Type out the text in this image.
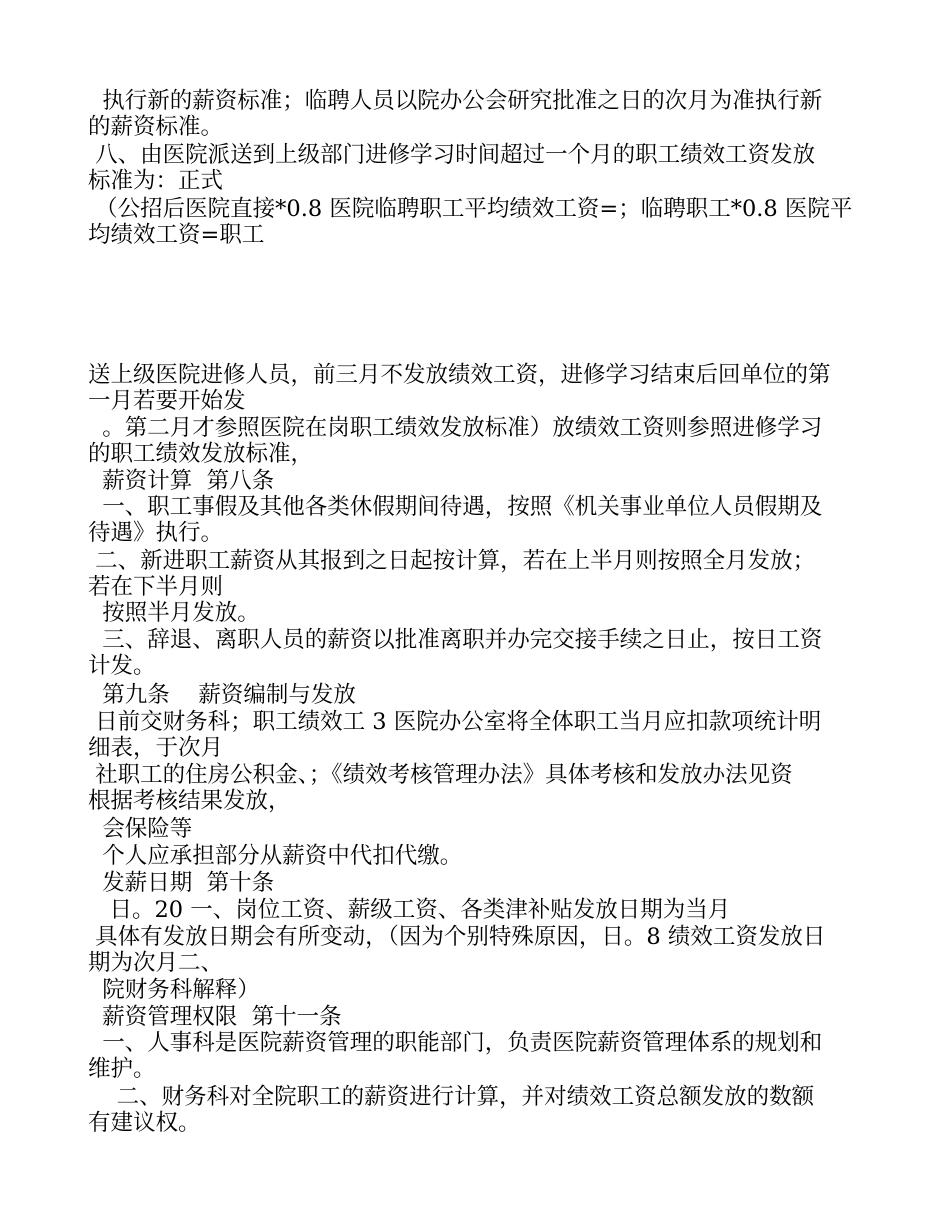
执行新的薪资标准；临聘人员以院办公会研究批准之日的次月为准执行新
的薪资标准。

八、由医院派送到上级部门进修学习时间超过一个月的职工绩效工资发放
标准为：正式

（公招后医院直接*0.8 医院临聘职工平均绩效工资=；临聘职工*0.8 医院平
均绩效工资=职工

送上级医院进修人员，前三月不发放绩效工资，进修学习结束后回单位的第
一月若要开始发

。第二月才参照医院在岗职工绩效发放标准）放绩效工资则参照进修学习
的职工绩效发放标准，

薪资计算  第八条

一、职工事假及其他各类休假期间待遇，按照《机关事业单位人员假期及
待遇》执行。

二、新进职工薪资从其报到之日起按计算，若在上半月则按照全月发放；
若在下半月则

按照半月发放。

三、辞退、离职人员的薪资以批准离职并办完交接手续之日止，按日工资
计发。

第九条    薪资编制与发放

日前交财务科；职工绩效工 3 医院办公室将全体职工当月应扣款项统计明
细表，于次月

社职工的住房公积金、；《绩效考核管理办法》具体考核和发放办法见资
根据考核结果发放，

会保险等

个人应承担部分从薪资中代扣代缴。

发薪日期  第十条

日。20 一、岗位工资、薪级工资、各类津补贴发放日期为当月

具体有发放日期会有所变动，（因为个别特殊原因，日。8 绩效工资发放日
期为次月二、

院财务科解释）

薪资管理权限  第十一条

一、人事科是医院薪资管理的职能部门，负责医院薪资管理体系的规划和
维护。

二、财务科对全院职工的薪资进行计算，并对绩效工资总额发放的数额
有建议权。
